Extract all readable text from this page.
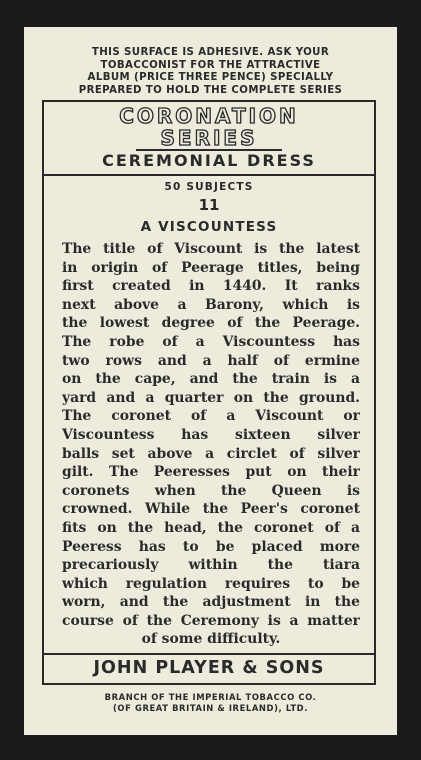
THIS SURFACE IS ADHESIVE. ASK YOUR
TOBACCONIST FOR THE ATTRACTIVE
ALBUM (PRICE THREE PENCE) SPECIALLY
PREPARED TO HOLD THE COMPLETE SERIES
CORONATION
SERIES
CEREMONIAL DRESS
50 SUBJECTS
11
A VISCOUNTESS
The title of Viscount is the latest
in origin of Peerage titles, being
first created in 1440. It ranks
next above a Barony, which is
the lowest degree of the Peerage.
The robe of a Viscountess has
two rows and a half of ermine
on the cape, and the train is a
yard and a quarter on the ground.
The coronet of a Viscount or
Viscountess has sixteen silver
balls set above a circlet of silver
gilt. The Peeresses put on their
coronets when the Queen is
crowned. While the Peer's coronet
fits on the head, the coronet of a
Peeress has to be placed more
precariously within the tiara
which regulation requires to be
worn, and the adjustment in the
course of the Ceremony is a matter
of some difficulty.
JOHN PLAYER & SONS
BRANCH OF THE IMPERIAL TOBACCO CO.
(OF GREAT BRITAIN & IRELAND), LTD.
